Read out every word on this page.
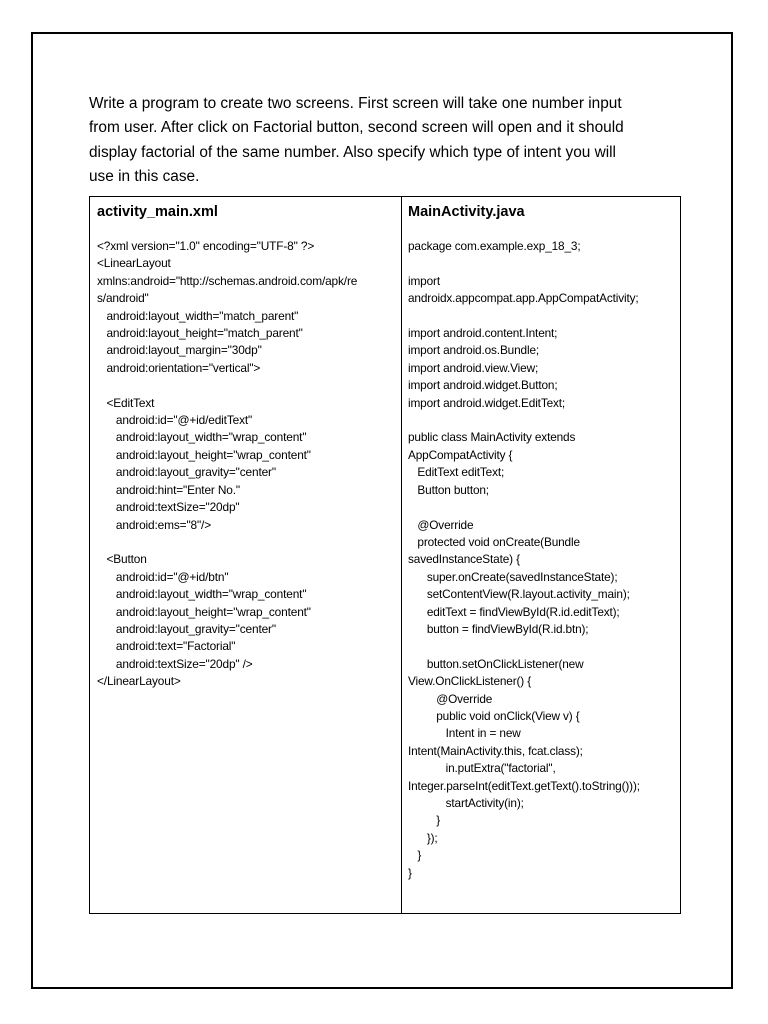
Write a program to create two screens. First screen will take one number input
from user. After click on Factorial button, second screen will open and it should
display factorial of the same number. Also specify which type of intent you will
use in this case.
activity_main.xml
<?xml version="1.0" encoding="UTF-8" ?>
<LinearLayout
xmlns:android="http://schemas.android.com/apk/re
s/android"
android:layout_width="match_parent"
android:layout_height="match_parent"
android:layout_margin="30dp"
android:orientation="vertical">

<EditText
android:id="@+id/editText"
android:layout_width="wrap_content"
android:layout_height="wrap_content"
android:layout_gravity="center"
android:hint="Enter No."
android:textSize="20dp"
android:ems="8"/>

<Button
android:id="@+id/btn"
android:layout_width="wrap_content"
android:layout_height="wrap_content"
android:layout_gravity="center"
android:text="Factorial"
android:textSize="20dp" />
</LinearLayout>
MainActivity.java
package com.example.exp_18_3;

import
androidx.appcompat.app.AppCompatActivity;

import android.content.Intent;
import android.os.Bundle;
import android.view.View;
import android.widget.Button;
import android.widget.EditText;

public class MainActivity extends
AppCompatActivity {
EditText editText;
Button button;

@Override
protected void onCreate(Bundle
savedInstanceState) {
super.onCreate(savedInstanceState);
setContentView(R.layout.activity_main);
editText = findViewById(R.id.editText);
button = findViewById(R.id.btn);

button.setOnClickListener(new
View.OnClickListener() {
@Override
public void onClick(View v) {
Intent in = new
Intent(MainActivity.this, fcat.class);
in.putExtra("factorial",
Integer.parseInt(editText.getText().toString()));
startActivity(in);
}
});
}
}
